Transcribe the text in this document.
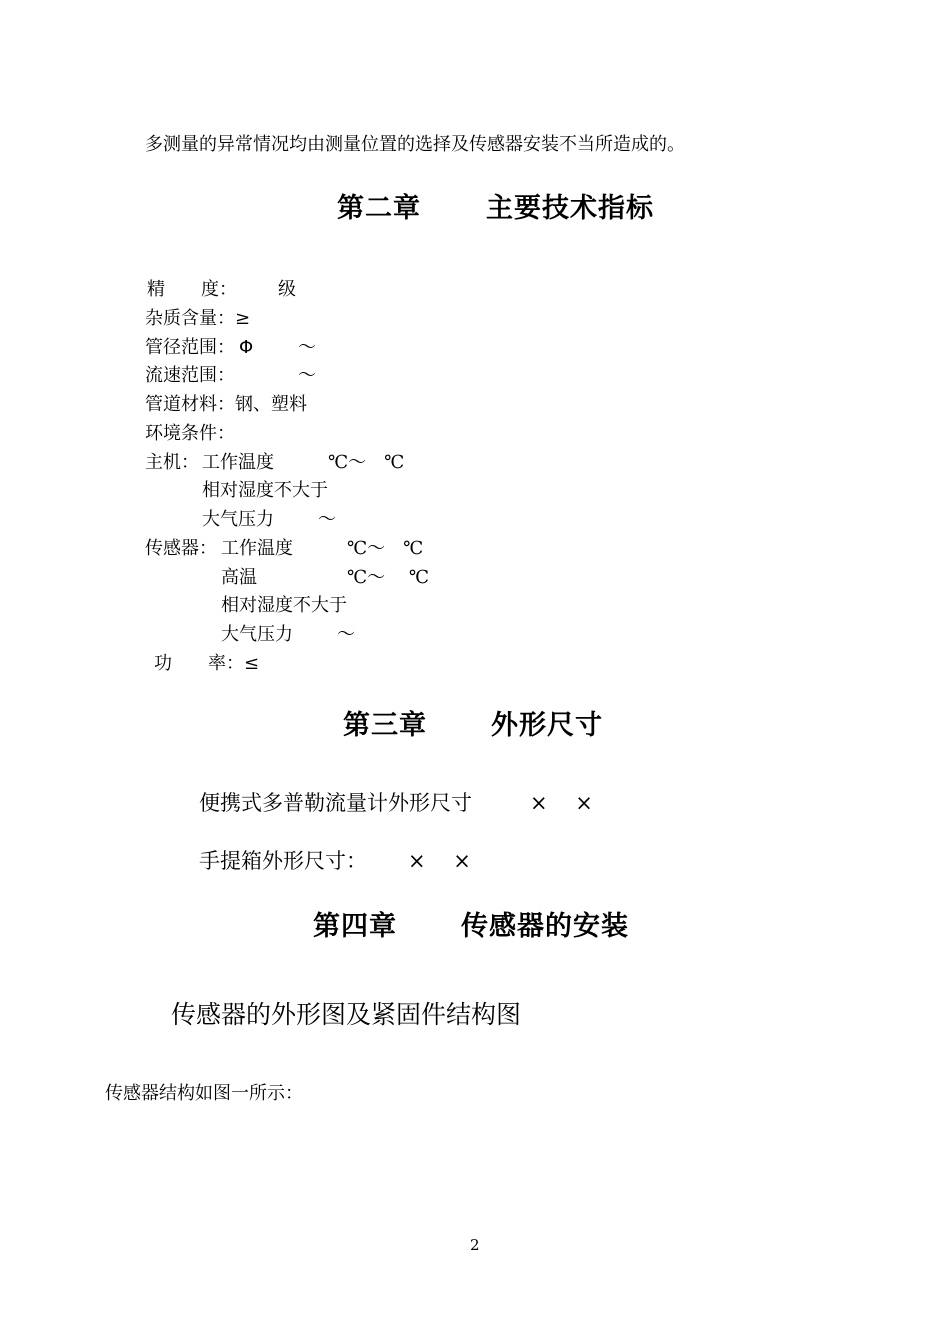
多测量的异常情况均由测量位置的选择及传感器安装不当所造成的。
第二章 主要技术指标
精　　度： 级
杂质含量：≥
管径范围： Φ ～
流速范围：	～
管道材料：钢、塑料
环境条件：
主机： 工作温度	℃～　℃
相对湿度不大于
大气压力 ～
传感器： 工作温度	℃～　℃
高温	℃～　 ℃
相对湿度不大于
大气压力 ～
功　　率：≤
第三章 外形尺寸
便携式多普勒流量计外形尺寸	×　 ×
手提箱外形尺寸： ×　 ×
第四章 传感器的安装
传感器的外形图及紧固件结构图
传感器结构如图一所示：
2
